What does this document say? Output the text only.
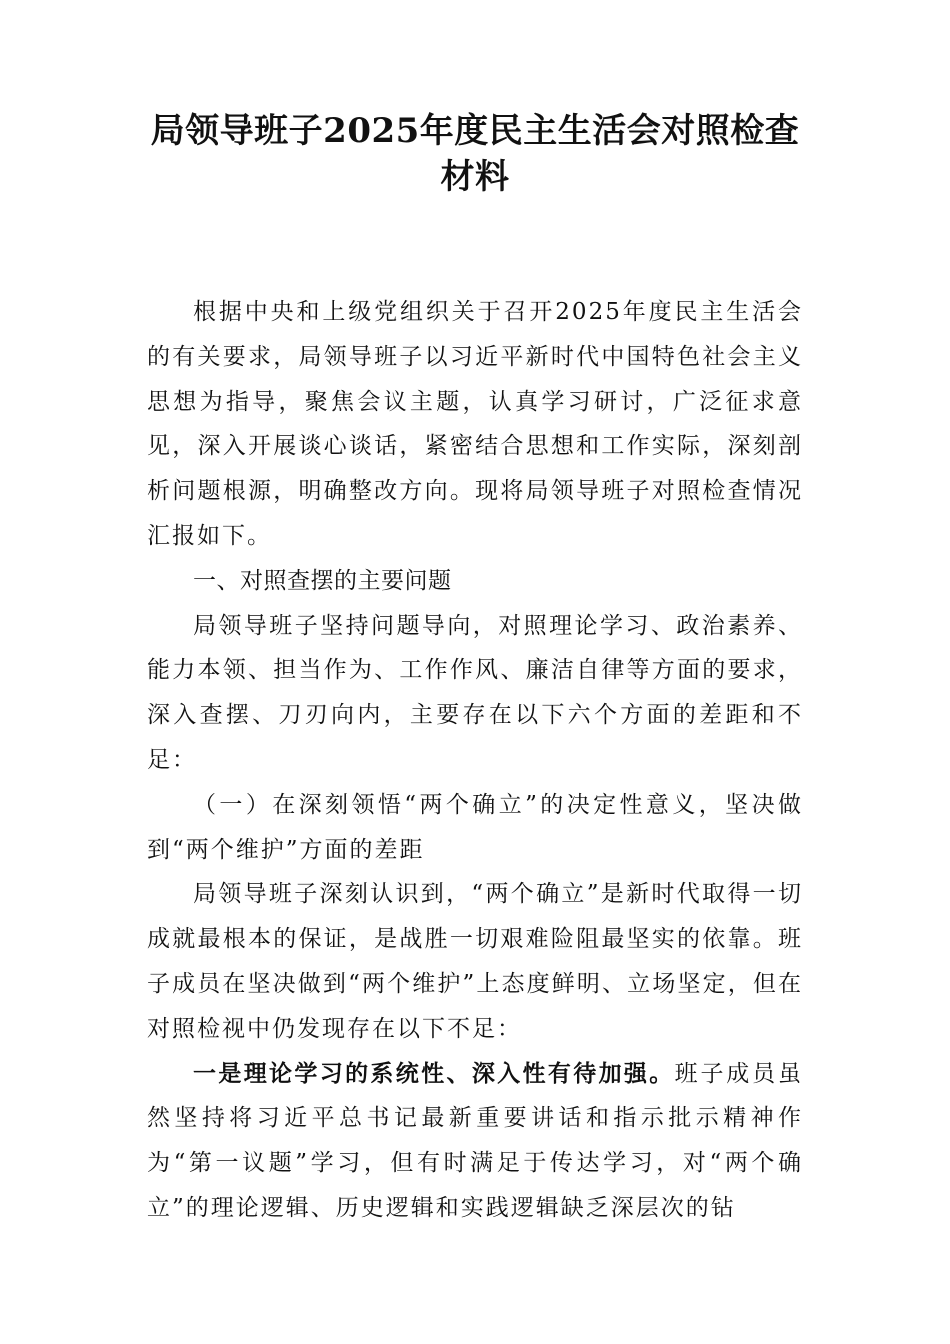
局领导班子2025年度民主生活会对照检查
材料

根据中央和上级党组织关于召开2025年度民主生活会的有关要求，局领导班子以习近平新时代中国特色社会主义思想为指导，聚焦会议主题，认真学习研讨，广泛征求意见，深入开展谈心谈话，紧密结合思想和工作实际，深刻剖析问题根源，明确整改方向。现将局领导班子对照检查情况汇报如下。

一、对照查摆的主要问题

局领导班子坚持问题导向，对照理论学习、政治素养、能力本领、担当作为、工作作风、廉洁自律等方面的要求，深入查摆、刀刃向内，主要存在以下六个方面的差距和不足：

（一）在深刻领悟“两个确立”的决定性意义，坚决做到“两个维护”方面的差距

局领导班子深刻认识到，“两个确立”是新时代取得一切成就最根本的保证，是战胜一切艰难险阻最坚实的依靠。班子成员在坚决做到“两个维护”上态度鲜明、立场坚定，但在对照检视中仍发现存在以下不足：

一是理论学习的系统性、深入性有待加强。班子成员虽然坚持将习近平总书记最新重要讲话和指示批示精神作为“第一议题”学习，但有时满足于传达学习，对“两个确立”的理论逻辑、历史逻辑和实践逻辑缺乏深层次的钻
